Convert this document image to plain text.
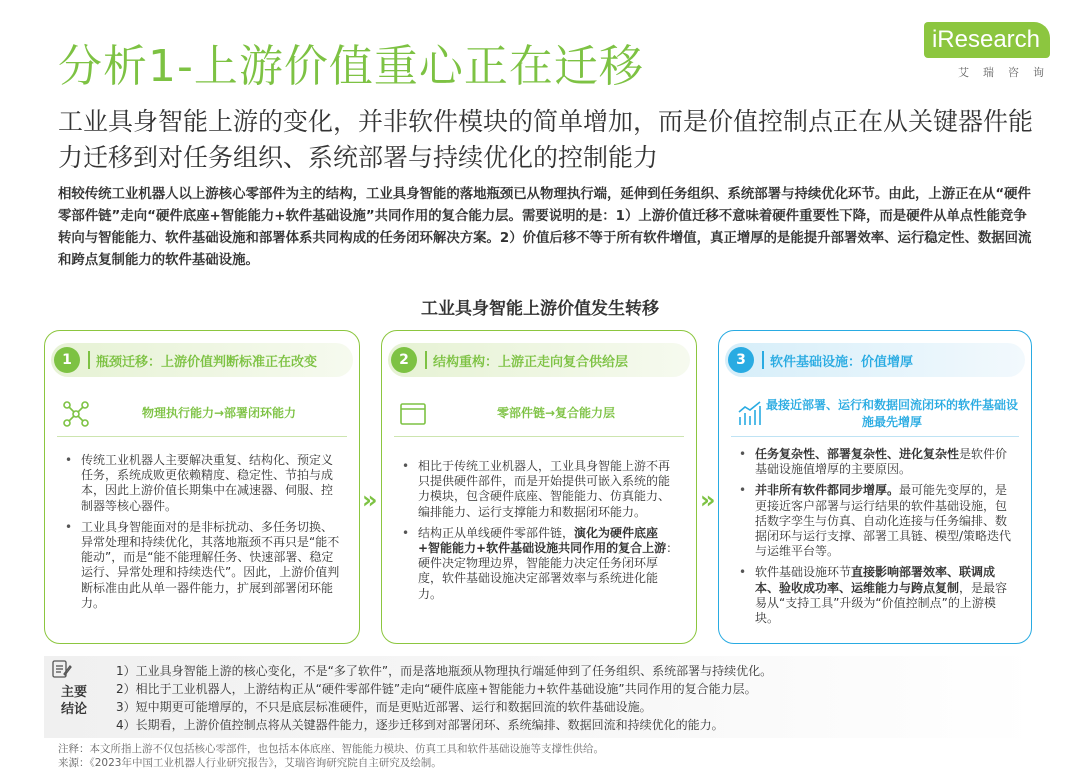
分析1-上游价值重心正在迁移
iResearch
艾瑞咨询
工业具身智能上游的变化，并非软件模块的简单增加，而是价值控制点正在从关键器件能力迁移到对任务组织、系统部署与持续优化的控制能力
相较传统工业机器人以上游核心零部件为主的结构，工业具身智能的落地瓶颈已从物理执行端，延伸到任务组织、系统部署与持续优化环节。由此，上游正在从“硬件零部件链”走向“硬件底座+智能能力+软件基础设施”共同作用的复合能力层。需要说明的是：1）上游价值迁移不意味着硬件重要性下降，而是硬件从单点性能竞争转向与智能能力、软件基础设施和部署体系共同构成的任务闭环解决方案。2）价值后移不等于所有软件增值，真正增厚的是能提升部署效率、运行稳定性、数据回流和跨点复制能力的软件基础设施。
工业具身智能上游价值发生转移
1	瓶颈迁移：上游价值判断标准正在改变
物理执行能力→部署闭环能力
• 传统工业机器人主要解决重复、结构化、预定义任务，系统成败更依赖精度、稳定性、节拍与成本，因此上游价值长期集中在减速器、伺服、控制器等核心器件。
• 工业具身智能面对的是非标扰动、多任务切换、异常处理和持续优化，其落地瓶颈不再只是“能不能动”，而是“能不能理解任务、快速部署、稳定运行、异常处理和持续迭代”。因此，上游价值判断标准由此从单一器件能力，扩展到部署闭环能力。
»
2	结构重构：上游正走向复合供给层
零部件链→复合能力层
• 相比于传统工业机器人，工业具身智能上游不再只提供硬件部件，而是开始提供可嵌入系统的能力模块，包含硬件底座、智能能力、仿真能力、编排能力、运行支撑能力和数据闭环能力。
• 结构正从单线硬件零部件链，演化为硬件底座+智能能力+软件基础设施共同作用的复合上游：硬件决定物理边界，智能能力决定任务闭环厚度，软件基础设施决定部署效率与系统进化能力。
»
3	软件基础设施：价值增厚
最接近部署、运行和数据回流闭环的软件基础设施最先增厚
• 任务复杂性、部署复杂性、进化复杂性是软件价基础设施值增厚的主要原因。
• 并非所有软件都同步增厚。最可能先变厚的，是更接近客户部署与运行结果的软件基础设施，包括数字孪生与仿真、自动化连接与任务编排、数据闭环与运行支撑、部署工具链、模型/策略迭代与运维平台等。
• 软件基础设施环节直接影响部署效率、联调成本、验收成功率、运维能力与跨点复制，是最容易从“支持工具”升级为“价值控制点”的上游模块。
主要结论
1）工业具身智能上游的核心变化，不是“多了软件”，而是落地瓶颈从物理执行端延伸到了任务组织、系统部署与持续优化。
2）相比于工业机器人，上游结构正从“硬件零部件链”走向“硬件底座+智能能力+软件基础设施”共同作用的复合能力层。
3）短中期更可能增厚的，不只是底层标准硬件，而是更贴近部署、运行和数据回流的软件基础设施。
4）长期看，上游价值控制点将从关键器件能力，逐步迁移到对部署闭环、系统编排、数据回流和持续优化的能力。
注释：本文所指上游不仅包括核心零部件，也包括本体底座、智能能力模块、仿真工具和软件基础设施等支撑性供给。
来源：《2023年中国工业机器人行业研究报告》，艾瑞咨询研究院自主研究及绘制。
